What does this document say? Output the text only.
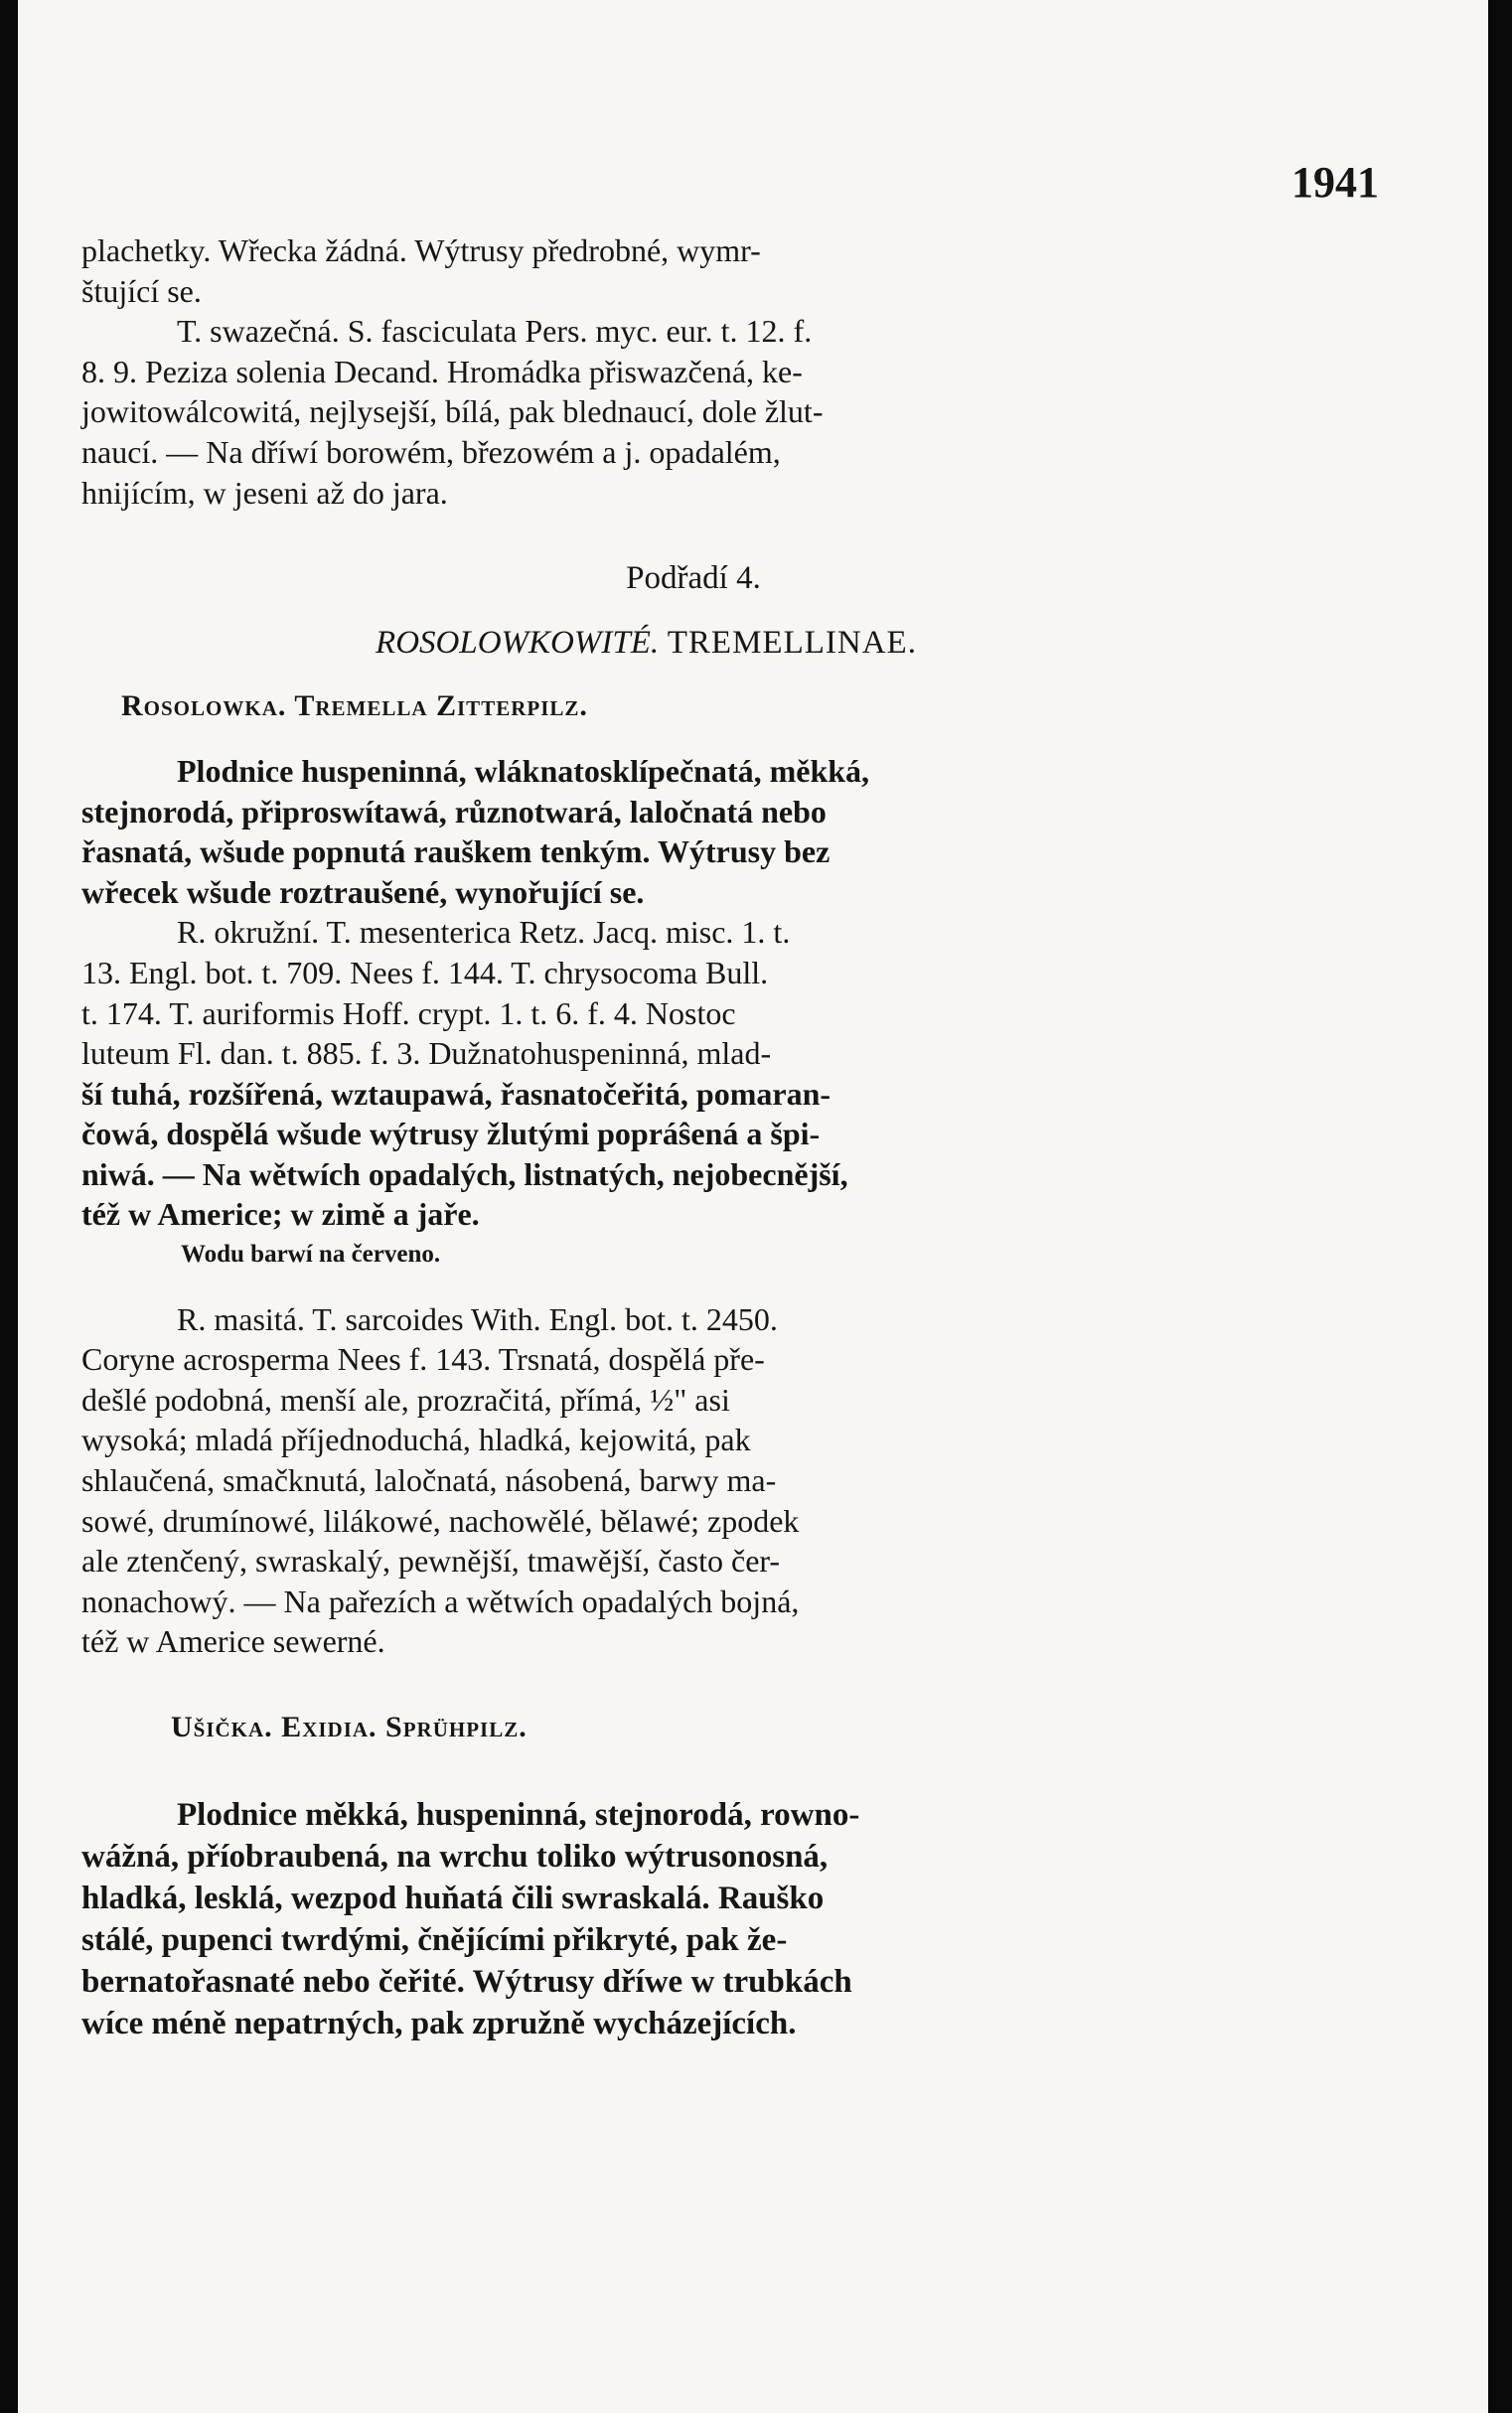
1941

plachetky. Wřecka žádná. Wýtrusy předrobné, wymr-

štující se.

T. swazečná. S. fasciculata Pers. myc. eur. t. 12. f.

8. 9. Peziza solenia Decand. Hromádka přiswazčená, ke-

jowitowálcowitá, nejlysejší, bílá, pak blednaucí, dole žlut-

naucí. — Na dříwí borowém, březowém a j. opadalém,

hnijícím, w jeseni až do jara.

Podřadí 4.

ROSOLOWKOWITÉ. TREMELLINAE.

Rosolowka. Tremella Zitterpilz.

Plodnice huspeninná, wláknatosklípečnatá, měkká,

stejnorodá, připroswítawá, různotwará, laločnatá nebo

řasnatá, wšude popnutá rauškem tenkým. Wýtrusy bez

wřecek wšude roztraušené, wynořující se.

R. okružní. T. mesenterica Retz. Jacq. misc. 1. t.

13. Engl. bot. t. 709. Nees f. 144. T. chrysocoma Bull.

t. 174. T. auriformis Hoff. crypt. 1. t. 6. f. 4. Nostoc

luteum Fl. dan. t. 885. f. 3. Dužnatohuspeninná, mlad-

ší tuhá, rozšířená, wztaupawá, řasnatočeřitá, pomaran-

čowá, dospělá wšude wýtrusy žlutými popráŝená a špi-

niwá. — Na wětwích opadalých, listnatých, nejobecnější,

též w Americe; w zimě a jaře.

Wodu barwí na červeno.

R. masitá. T. sarcoides With. Engl. bot. t. 2450.

Coryne acrosperma Nees f. 143. Trsnatá, dospělá pře-

dešlé podobná, menší ale, prozračitá, přímá, ½" asi

wysoká; mladá příjednoduchá, hladká, kejowitá, pak

shlaučená, smačknutá, laločnatá, násobená, barwy ma-

sowé, drumínowé, lilákowé, nachowělé, bělawé; zpodek

ale ztenčený, swraskalý, pewnější, tmawější, často čer-

nonachowý. — Na pařezích a wětwích opadalých bojná,

též w Americe sewerné.

Ušička. Exidia. Sprühpilz.

Plodnice měkká, huspeninná, stejnorodá, rowno-

wážná, příobraubená, na wrchu toliko wýtrusonosná,

hladká, lesklá, wezpod huňatá čili swraskalá. Rauško

stálé, pupenci twrdými, čnějícími přikryté, pak že-

bernatořasnaté nebo čeřité. Wýtrusy dříwe w trubkách

wíce méně nepatrných, pak zpružně wycházejících.
